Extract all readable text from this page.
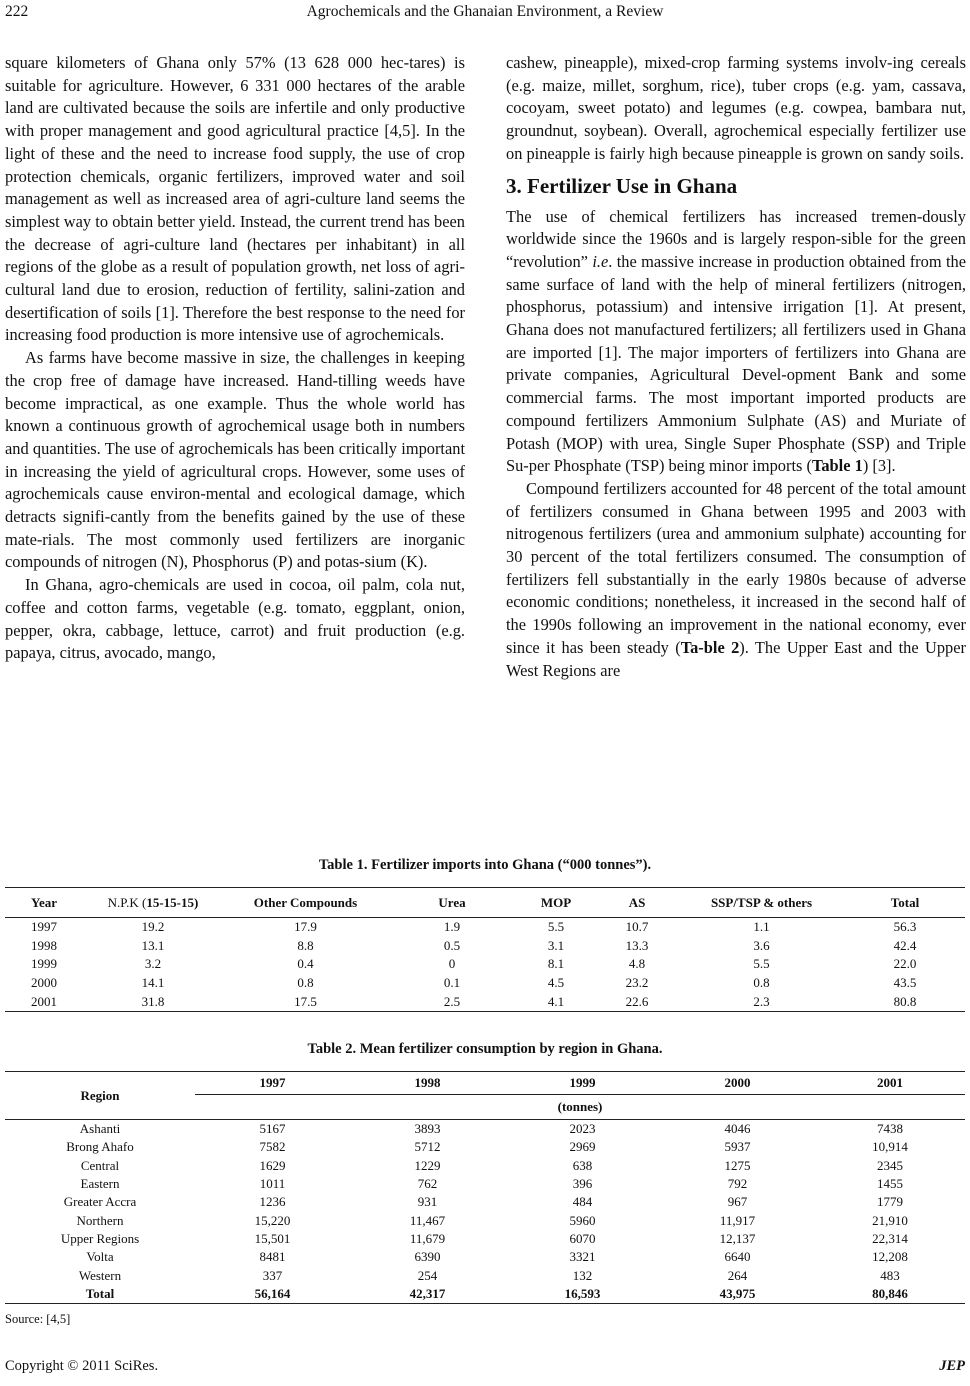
222	Agrochemicals and the Ghanaian Environment, a Review

square kilometers of Ghana only 57% (13 628 000 hec-tares) is suitable for agriculture. However, 6 331 000 hectares of the arable land are cultivated because the soils are infertile and only productive with proper management and good agricultural practice [4,5]. In the light of these and the need to increase food supply, the use of crop protection chemicals, organic fertilizers, improved water and soil management as well as increased area of agri-culture land seems the simplest way to obtain better yield. Instead, the current trend has been the decrease of agri-culture land (hectares per inhabitant) in all regions of the globe as a result of population growth, net loss of agri-cultural land due to erosion, reduction of fertility, salini-zation and desertification of soils [1]. Therefore the best response to the need for increasing food production is more intensive use of agrochemicals.

As farms have become massive in size, the challenges in keeping the crop free of damage have increased. Hand-tilling weeds have become impractical, as one example. Thus the whole world has known a continuous growth of agrochemical usage both in numbers and quantities. The use of agrochemicals has been critically important in increasing the yield of agricultural crops. However, some uses of agrochemicals cause environ-mental and ecological damage, which detracts signifi-cantly from the benefits gained by the use of these mate-rials. The most commonly used fertilizers are inorganic compounds of nitrogen (N), Phosphorus (P) and potas-sium (K).

In Ghana, agro-chemicals are used in cocoa, oil palm, cola nut, coffee and cotton farms, vegetable (e.g. tomato, eggplant, onion, pepper, okra, cabbage, lettuce, carrot) and fruit production (e.g. papaya, citrus, avocado, mango,

cashew, pineapple), mixed-crop farming systems involv-ing cereals (e.g. maize, millet, sorghum, rice), tuber crops (e.g. yam, cassava, cocoyam, sweet potato) and legumes (e.g. cowpea, bambara nut, groundnut, soybean). Overall, agrochemical especially fertilizer use on pineapple is fairly high because pineapple is grown on sandy soils.

3. Fertilizer Use in Ghana

The use of chemical fertilizers has increased tremen-dously worldwide since the 1960s and is largely respon-sible for the green “revolution” i.e. the massive increase in production obtained from the same surface of land with the help of mineral fertilizers (nitrogen, phosphorus, potassium) and intensive irrigation [1]. At present, Ghana does not manufactured fertilizers; all fertilizers used in Ghana are imported [1]. The major importers of fertilizers into Ghana are private companies, Agricultural Devel-opment Bank and some commercial farms. The most important imported products are compound fertilizers Ammonium Sulphate (AS) and Muriate of Potash (MOP) with urea, Single Super Phosphate (SSP) and Triple Su-per Phosphate (TSP) being minor imports (Table 1) [3].

Compound fertilizers accounted for 48 percent of the total amount of fertilizers consumed in Ghana between 1995 and 2003 with nitrogenous fertilizers (urea and ammonium sulphate) accounting for 30 percent of the total fertilizers consumed. The consumption of fertilizers fell substantially in the early 1980s because of adverse economic conditions; nonetheless, it increased in the second half of the 1990s following an improvement in the national economy, ever since it has been steady (Ta-ble 2). The Upper East and the Upper West Regions are

Table 1. Fertilizer imports into Ghana (“000 tonnes”).
Year	N.P.K (15-15-15)	Other Compounds	Urea	MOP	AS	SSP/TSP & others	Total
1997	19.2	17.9	1.9	5.5	10.7	1.1	56.3
1998	13.1	8.8	0.5	3.1	13.3	3.6	42.4
1999	3.2	0.4	0	8.1	4.8	5.5	22.0
2000	14.1	0.8	0.1	4.5	23.2	0.8	43.5
2001	31.8	17.5	2.5	4.1	22.6	2.3	80.8
Table 2. Mean fertilizer consumption by region in Ghana.
Region	1997	1998	1999	2000	2001
	(tonnes)				
Ashanti	5167	3893	2023	4046	7438
Brong Ahafo	7582	5712	2969	5937	10,914
Central	1629	1229	638	1275	2345
Eastern	1011	762	396	792	1455
Greater Accra	1236	931	484	967	1779
Northern	15,220	11,467	5960	11,917	21,910
Upper Regions	15,501	11,679	6070	12,137	22,314
Volta	8481	6390	3321	6640	12,208
Western	337	254	132	264	483
Total	56,164	42,317	16,593	43,975	80,846
Source: [4,5]
Copyright © 2011 SciRes.	JEP
